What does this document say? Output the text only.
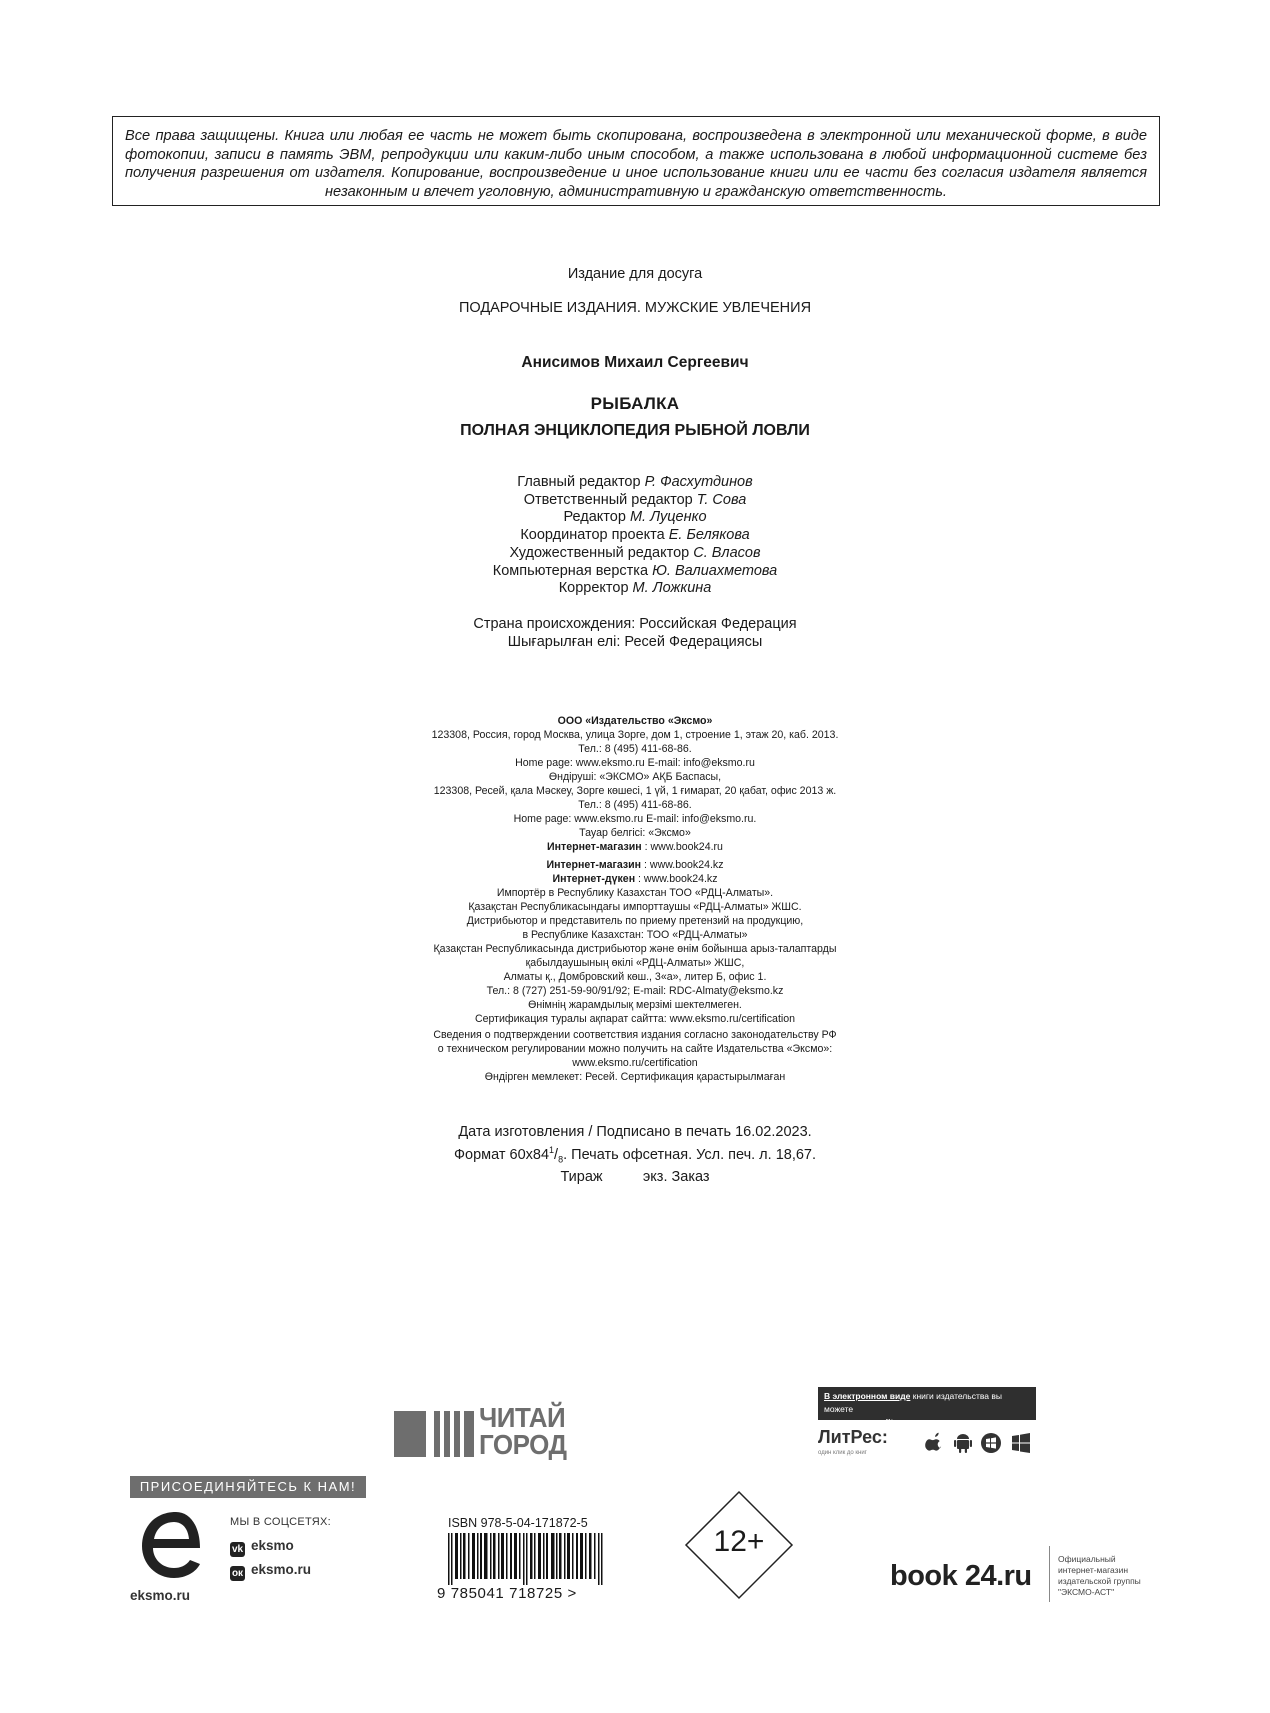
Все права защищены. Книга или любая ее часть не может быть скопирована, воспроизведена в электронной или механической форме, в виде фотокопии, записи в память ЭВМ, репродукции или каким-либо иным способом, а также использована в любой информационной системе без получения разрешения от издателя. Копирование, воспроизведение и иное использование книги или ее части без согласия издателя является незаконным и влечет уголовную, административную и гражданскую ответственность.
Издание для досуга
ПОДАРОЧНЫЕ ИЗДАНИЯ. МУЖСКИЕ УВЛЕЧЕНИЯ
Анисимов Михаил Сергеевич
РЫБАЛКА
ПОЛНАЯ ЭНЦИКЛОПЕДИЯ РЫБНОЙ ЛОВЛИ
Главный редактор Р. Фасхутдинов
Ответственный редактор Т. Сова
Редактор М. Луценко
Координатор проекта Е. Белякова
Художественный редактор С. Власов
Компьютерная верстка Ю. Валиахметова
Корректор М. Ложкина
Страна происхождения: Российская Федерация
Шығарылған елі: Ресей Федерациясы
ООО «Издательство «Эксмо»
123308, Россия, город Москва, улица Зорге, дом 1, строение 1, этаж 20, каб. 2013.
Тел.: 8 (495) 411-68-86.
Home page: www.eksmo.ru E-mail: info@eksmo.ru
Өндіруші: «ЭКСМО» АҚБ Баспасы,
123308, Ресей, қала Мәскеу, Зорге көшесі, 1 үй, 1 ғимарат, 20 қабат, офис 2013 ж.
Тел.: 8 (495) 411-68-86.
Home page: www.eksmo.ru E-mail: info@eksmo.ru.
Тауар белгісі: «Эксмо»
Интернет-магазин : www.book24.ru
Интернет-магазин : www.book24.kz
Интернет-дүкен : www.book24.kz
Импортёр в Республику Казахстан ТОО «РДЦ-Алматы».
Қазақстан Республикасындағы импорттаушы «РДЦ-Алматы» ЖШС.
Дистрибьютор и представитель по приему претензий на продукцию,
в Республике Казахстан: ТОО «РДЦ-Алматы»
Қазақстан Республикасында дистрибьютор және өнім бойынша арыз-талаптарды
қабылдаушының өкілі «РДЦ-Алматы» ЖШС,
Алматы қ., Домбровский көш., 3«а», литер Б, офис 1.
Тел.: 8 (727) 251-59-90/91/92; E-mail: RDC-Almaty@eksmo.kz
Өнімнің жарамдылық мерзімі шектелмеген.
Сертификация туралы ақпарат сайтта: www.eksmo.ru/certification
Сведения о подтверждении соответствия издания согласно законодательству РФ
о техническом регулировании можно получить на сайте Издательства «Эксмо»:
www.eksmo.ru/certification
Өндірген мемлекет: Ресей. Сертификация қарастырылмаған
Дата изготовления / Подписано в печать 16.02.2023.
Формат $60x84^1/_8$. Печать офсетная. Усл. печ. л. 18,67.
Тираж          экз. Заказ
ЧИТАЙ
ГОРОД
В электронном виде книги издательства вы можете
купить на www.litres.ru
ЛитРес:
один клик до книг
ПРИСОЕДИНЯЙТЕСЬ К НАМ!
eksmo.ru
МЫ В СОЦСЕТЯХ:
vk eksmo
ок eksmo.ru
ISBN 978-5-04-171872-5
9 785041 718725 >
12+
book 24.ru
Официальный
интернет-магазин
издательской группы
"ЭКСМО-АСТ"
